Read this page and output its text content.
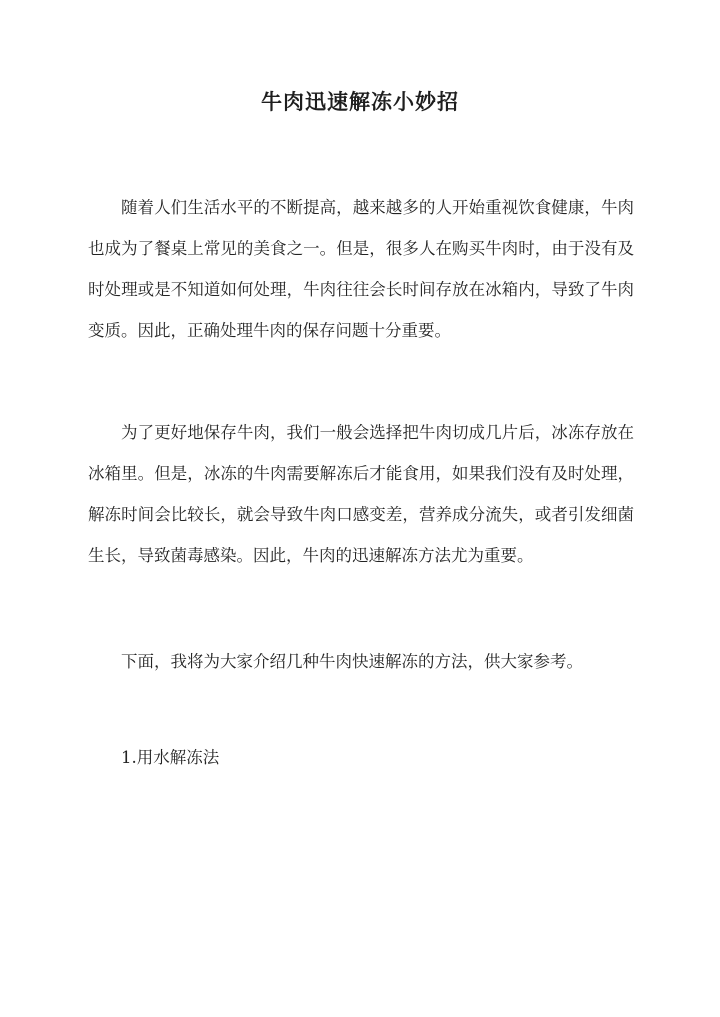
牛肉迅速解冻小妙招

随着人们生活水平的不断提高，越来越多的人开始重视饮食健康，牛肉也成为了餐桌上常见的美食之一。但是，很多人在购买牛肉时，由于没有及时处理或是不知道如何处理，牛肉往往会长时间存放在冰箱内，导致了牛肉变质。因此，正确处理牛肉的保存问题十分重要。

为了更好地保存牛肉，我们一般会选择把牛肉切成几片后，冰冻存放在冰箱里。但是，冰冻的牛肉需要解冻后才能食用，如果我们没有及时处理，解冻时间会比较长，就会导致牛肉口感变差，营养成分流失，或者引发细菌生长，导致菌毒感染。因此，牛肉的迅速解冻方法尤为重要。

下面，我将为大家介绍几种牛肉快速解冻的方法，供大家参考。

1.用水解冻法
